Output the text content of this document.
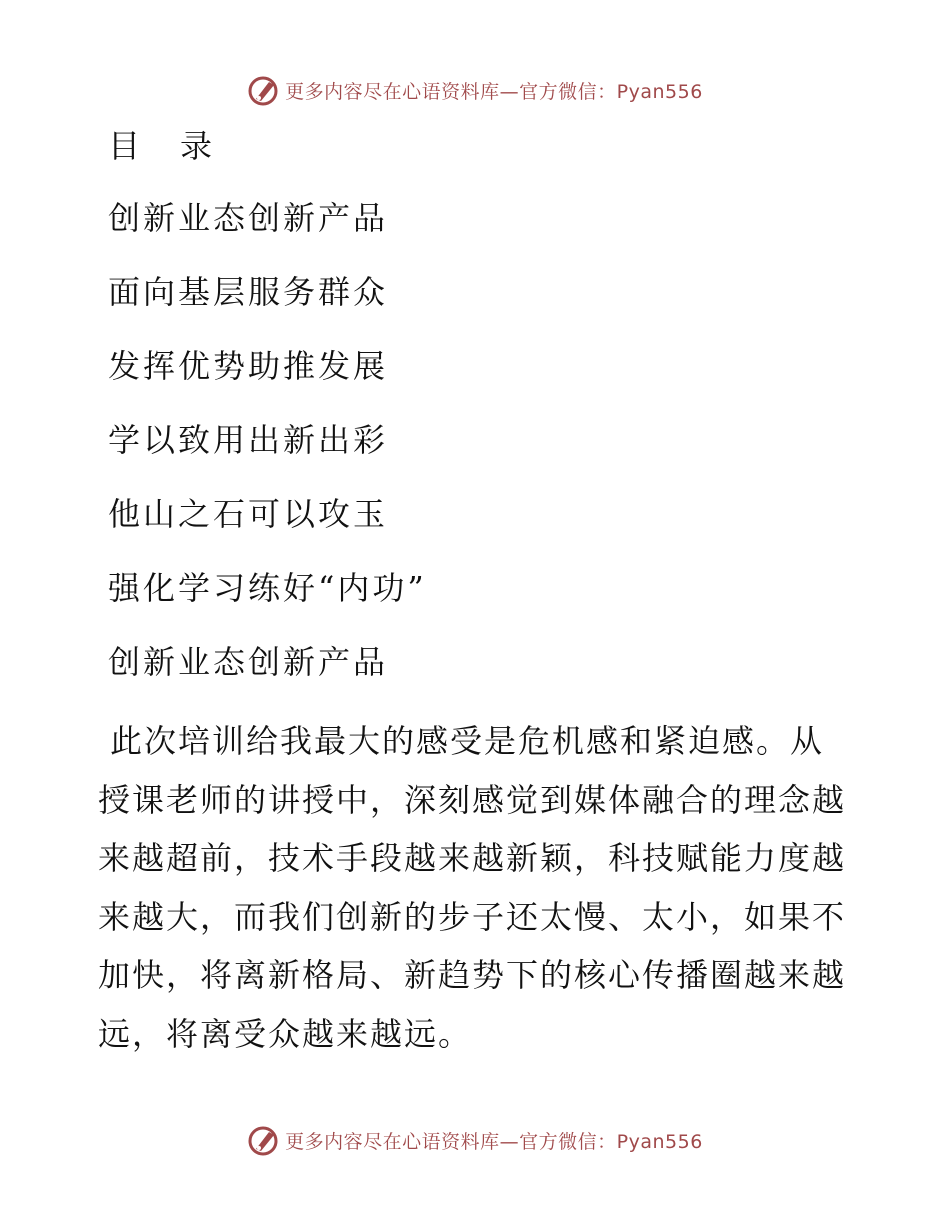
更多内容尽在心语资料库—官方微信：Pyan556
目　录
创新业态创新产品
面向基层服务群众
发挥优势助推发展
学以致用出新出彩
他山之石可以攻玉
强化学习练好“内功”
创新业态创新产品

此次培训给我最大的感受是危机感和紧迫感。从授课老师的讲授中，深刻感觉到媒体融合的理念越来越超前，技术手段越来越新颖，科技赋能力度越来越大，而我们创新的步子还太慢、太小，如果不加快，将离新格局、新趋势下的核心传播圈越来越远，将离受众越来越远。

更多内容尽在心语资料库—官方微信：Pyan556
